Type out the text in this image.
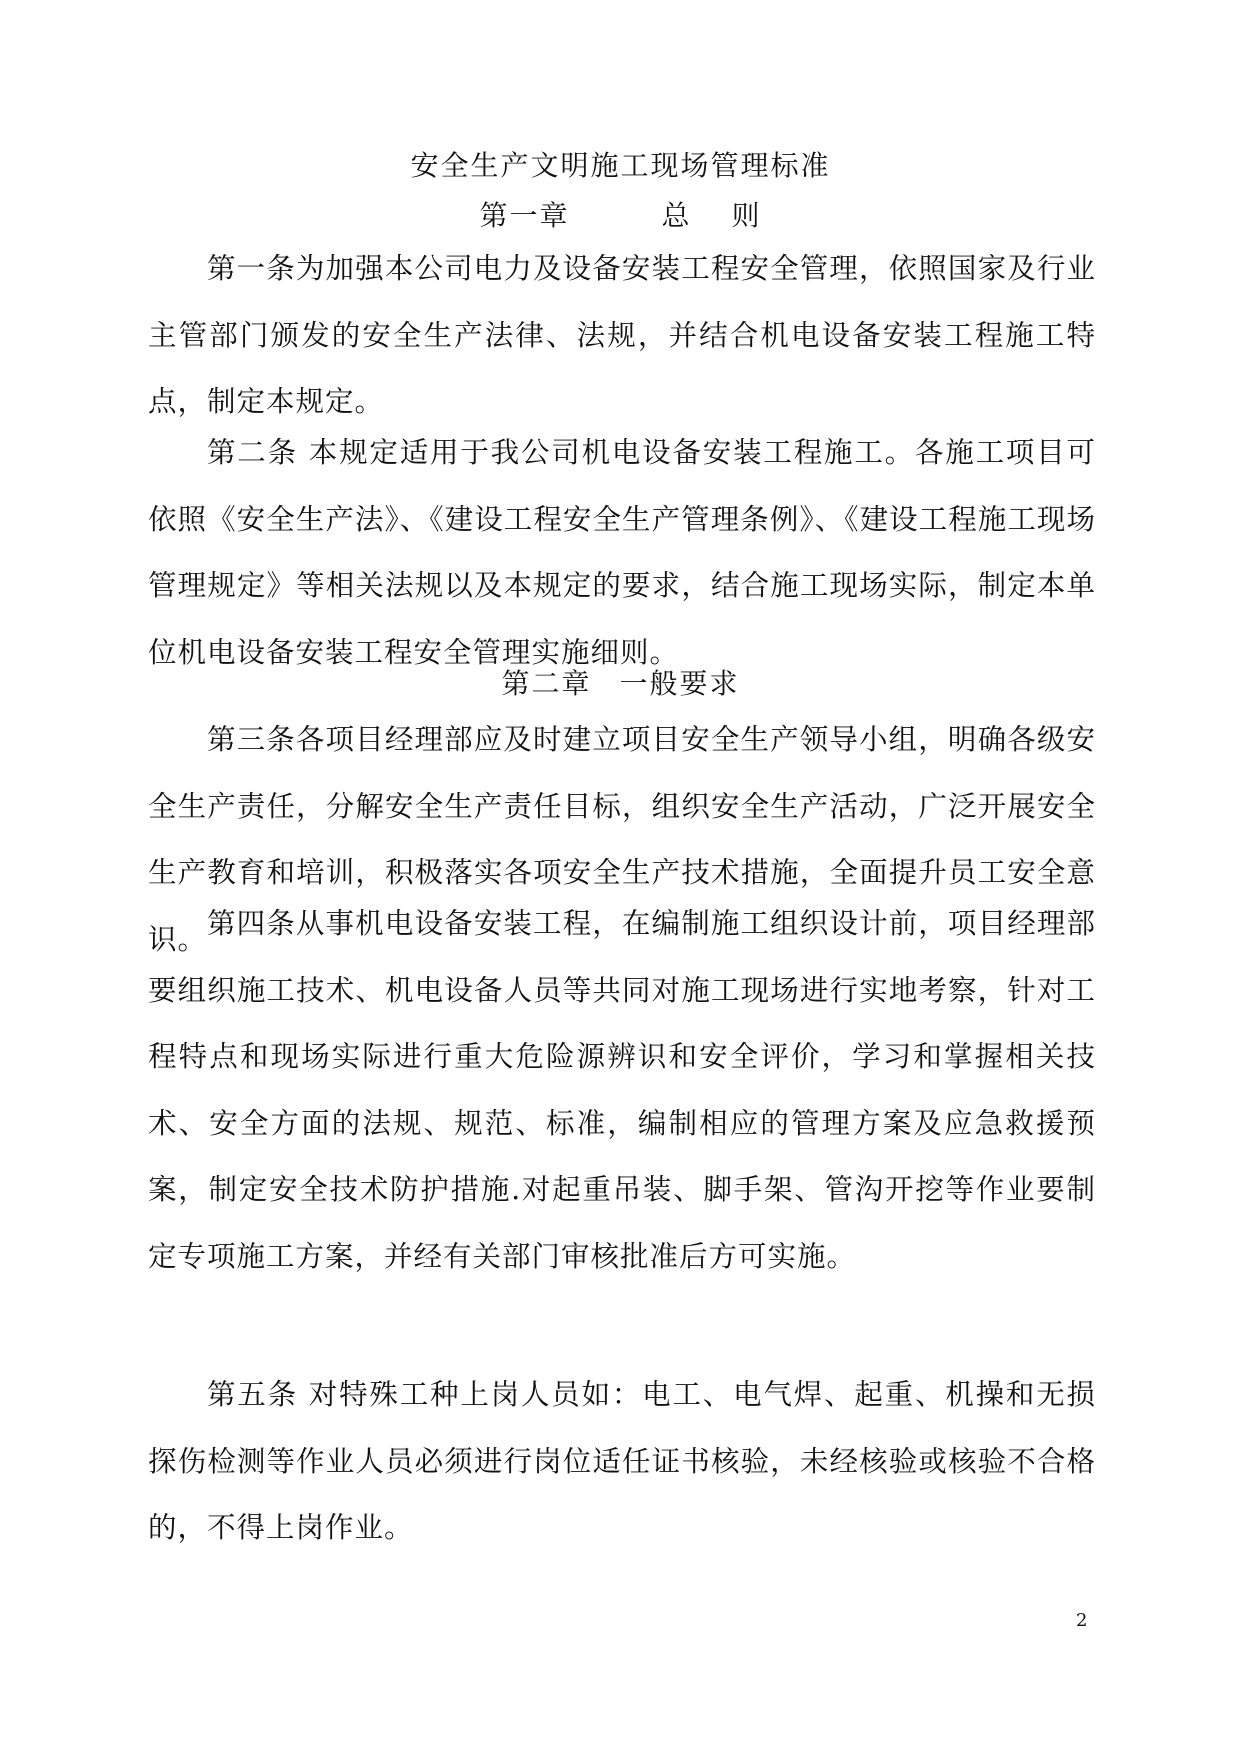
安全生产文明施工现场管理标准
第一章	总 则

第一条为加强本公司电力及设备安装工程安全管理，依照国家及行业主管部门颁发的安全生产法律、法规，并结合机电设备安装工程施工特点，制定本规定。

第二条 本规定适用于我公司机电设备安装工程施工。各施工项目可依照《安全生产法》、《建设工程安全生产管理条例》、《建设工程施工现场管理规定》等相关法规以及本规定的要求，结合施工现场实际，制定本单位机电设备安装工程安全管理实施细则。

第二章 一般要求

第三条各项目经理部应及时建立项目安全生产领导小组，明确各级安全生产责任，分解安全生产责任目标，组织安全生产活动，广泛开展安全生产教育和培训，积极落实各项安全生产技术措施，全面提升员工安全意识。 第四条从事机电设备安装工程，在编制施工组织设计前，项目经理部要组织施工技术、机电设备人员等共同对施工现场进行实地考察，针对工程特点和现场实际进行重大危险源辨识和安全评价，学习和掌握相关技术、安全方面的法规、规范、标准，编制相应的管理方案及应急救援预案，制定安全技术防护措施.对起重吊装、脚手架、管沟开挖等作业要制定专项施工方案，并经有关部门审核批准后方可实施。

第五条 对特殊工种上岗人员如：电工、电气焊、起重、机操和无损探伤检测等作业人员必须进行岗位适任证书核验，未经核验或核验不合格的，不得上岗作业。

2
